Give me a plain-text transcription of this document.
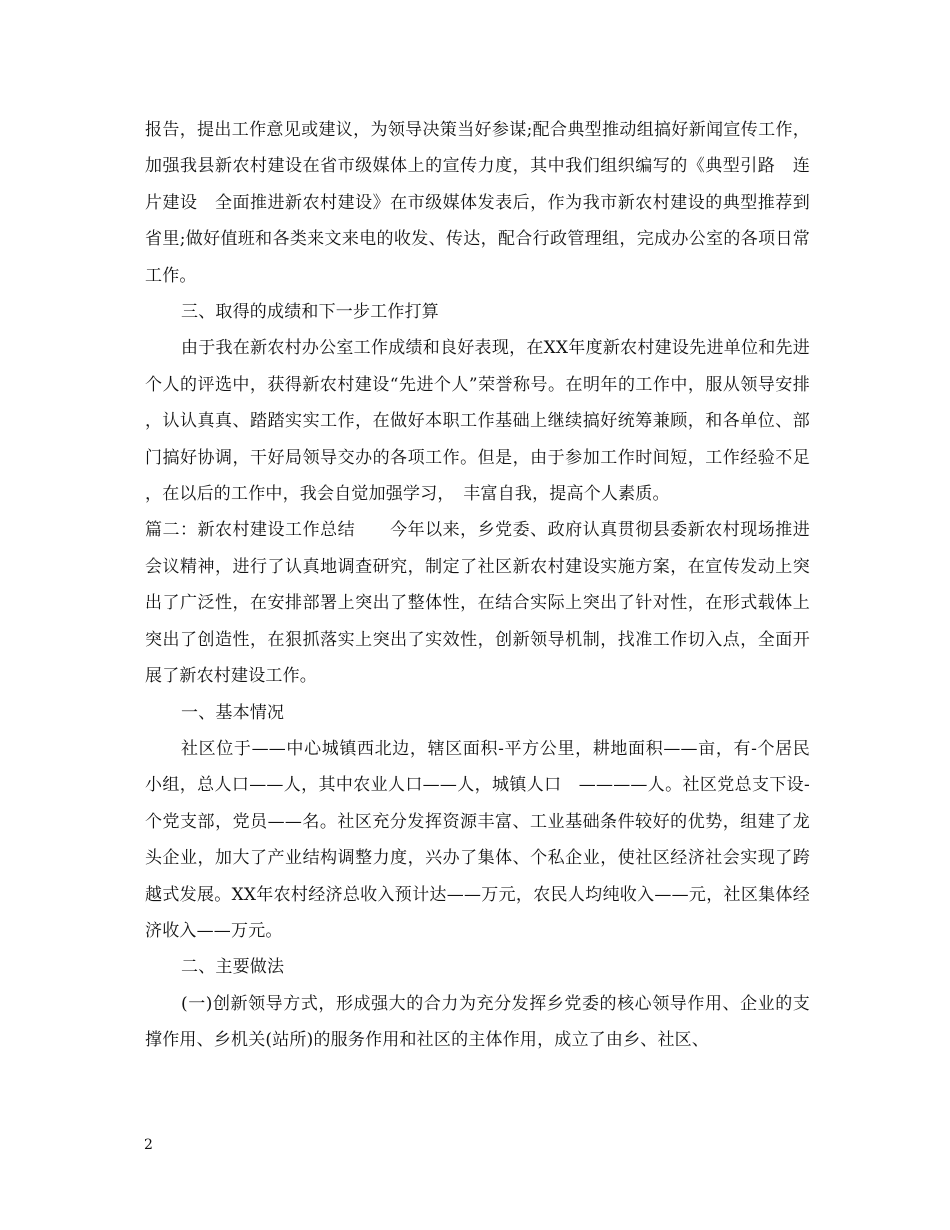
报告，提出工作意见或建议，为领导决策当好参谋;配合典型推动组搞好新闻宣传工作，加强我县新农村建设在省市级媒体上的宣传力度，其中我们组织编写的《典型引路　连片建设　全面推进新农村建设》在市级媒体发表后，作为我市新农村建设的典型推荐到省里;做好值班和各类来文来电的收发、传达，配合行政管理组，完成办公室的各项日常工作。

三、取得的成绩和下一步工作打算

由于我在新农村办公室工作成绩和良好表现，在XX年度新农村建设先进单位和先进个人的评选中，获得新农村建设“先进个人”荣誉称号。在明年的工作中，服从领导安排，认认真真、踏踏实实工作，在做好本职工作基础上继续搞好统筹兼顾，和各单位、部门搞好协调，干好局领导交办的各项工作。但是，由于参加工作时间短，工作经验不足，在以后的工作中，我会自觉加强学习，　丰富自我，提高个人素质。

篇二：新农村建设工作总结　　今年以来，乡党委、政府认真贯彻县委新农村现场推进会议精神，进行了认真地调查研究，制定了社区新农村建设实施方案，在宣传发动上突出了广泛性，在安排部署上突出了整体性，在结合实际上突出了针对性，在形式载体上突出了创造性，在狠抓落实上突出了实效性，创新领导机制，找准工作切入点，全面开展了新农村建设工作。

一、基本情况

社区位于——中心城镇西北边，辖区面积-平方公里，耕地面积——亩，有-个居民小组，总人口——人，其中农业人口——人，城镇人口　————人。社区党总支下设-个党支部，党员——名。社区充分发挥资源丰富、工业基础条件较好的优势，组建了龙头企业，加大了产业结构调整力度，兴办了集体、个私企业，使社区经济社会实现了跨越式发展。XX年农村经济总收入预计达——万元，农民人均纯收入——元，社区集体经济收入——万元。

二、主要做法

(一)创新领导方式，形成强大的合力为充分发挥乡党委的核心领导作用、企业的支撑作用、乡机关(站所)的服务作用和社区的主体作用，成立了由乡、社区、

2
